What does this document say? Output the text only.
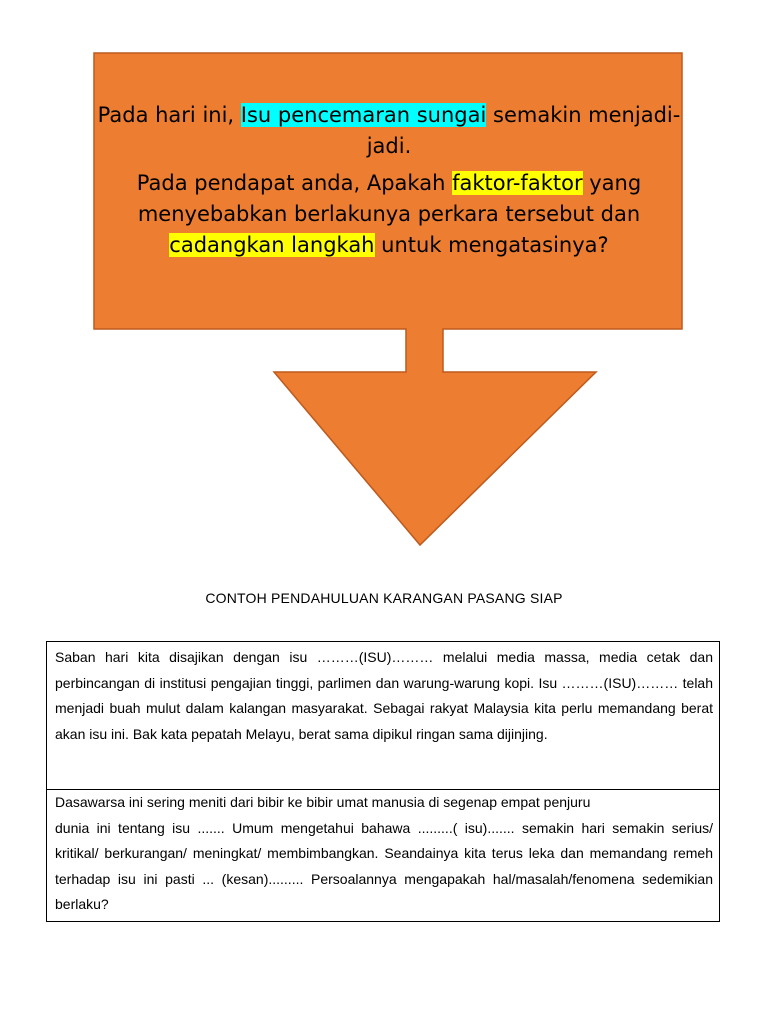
Pada hari ini, Isu pencemaran sungai semakin menjadi-jadi.

Pada pendapat anda, Apakah faktor-faktor yang menyebabkan berlakunya perkara tersebut dan cadangkan langkah untuk mengatasinya?

CONTOH PENDAHULUAN KARANGAN PASANG SIAP

Saban hari kita disajikan dengan isu ………(ISU)……… melalui media massa, media cetak dan perbincangan di institusi pengajian tinggi, parlimen dan warung-warung kopi. Isu ………(ISU)……… telah menjadi buah mulut dalam kalangan masyarakat. Sebagai rakyat Malaysia kita perlu memandang berat akan isu ini. Bak kata pepatah Melayu, berat sama dipikul ringan sama dijinjing.

Dasawarsa ini sering meniti dari bibir ke bibir umat manusia di segenap empat penjuru

dunia ini tentang isu ....... Umum mengetahui bahawa .........( isu)....... semakin hari semakin serius/ kritikal/ berkurangan/ meningkat/ membimbangkan. Seandainya kita terus leka dan memandang remeh terhadap isu ini pasti ... (kesan)......... Persoalannya mengapakah hal/masalah/fenomena sedemikian berlaku?
